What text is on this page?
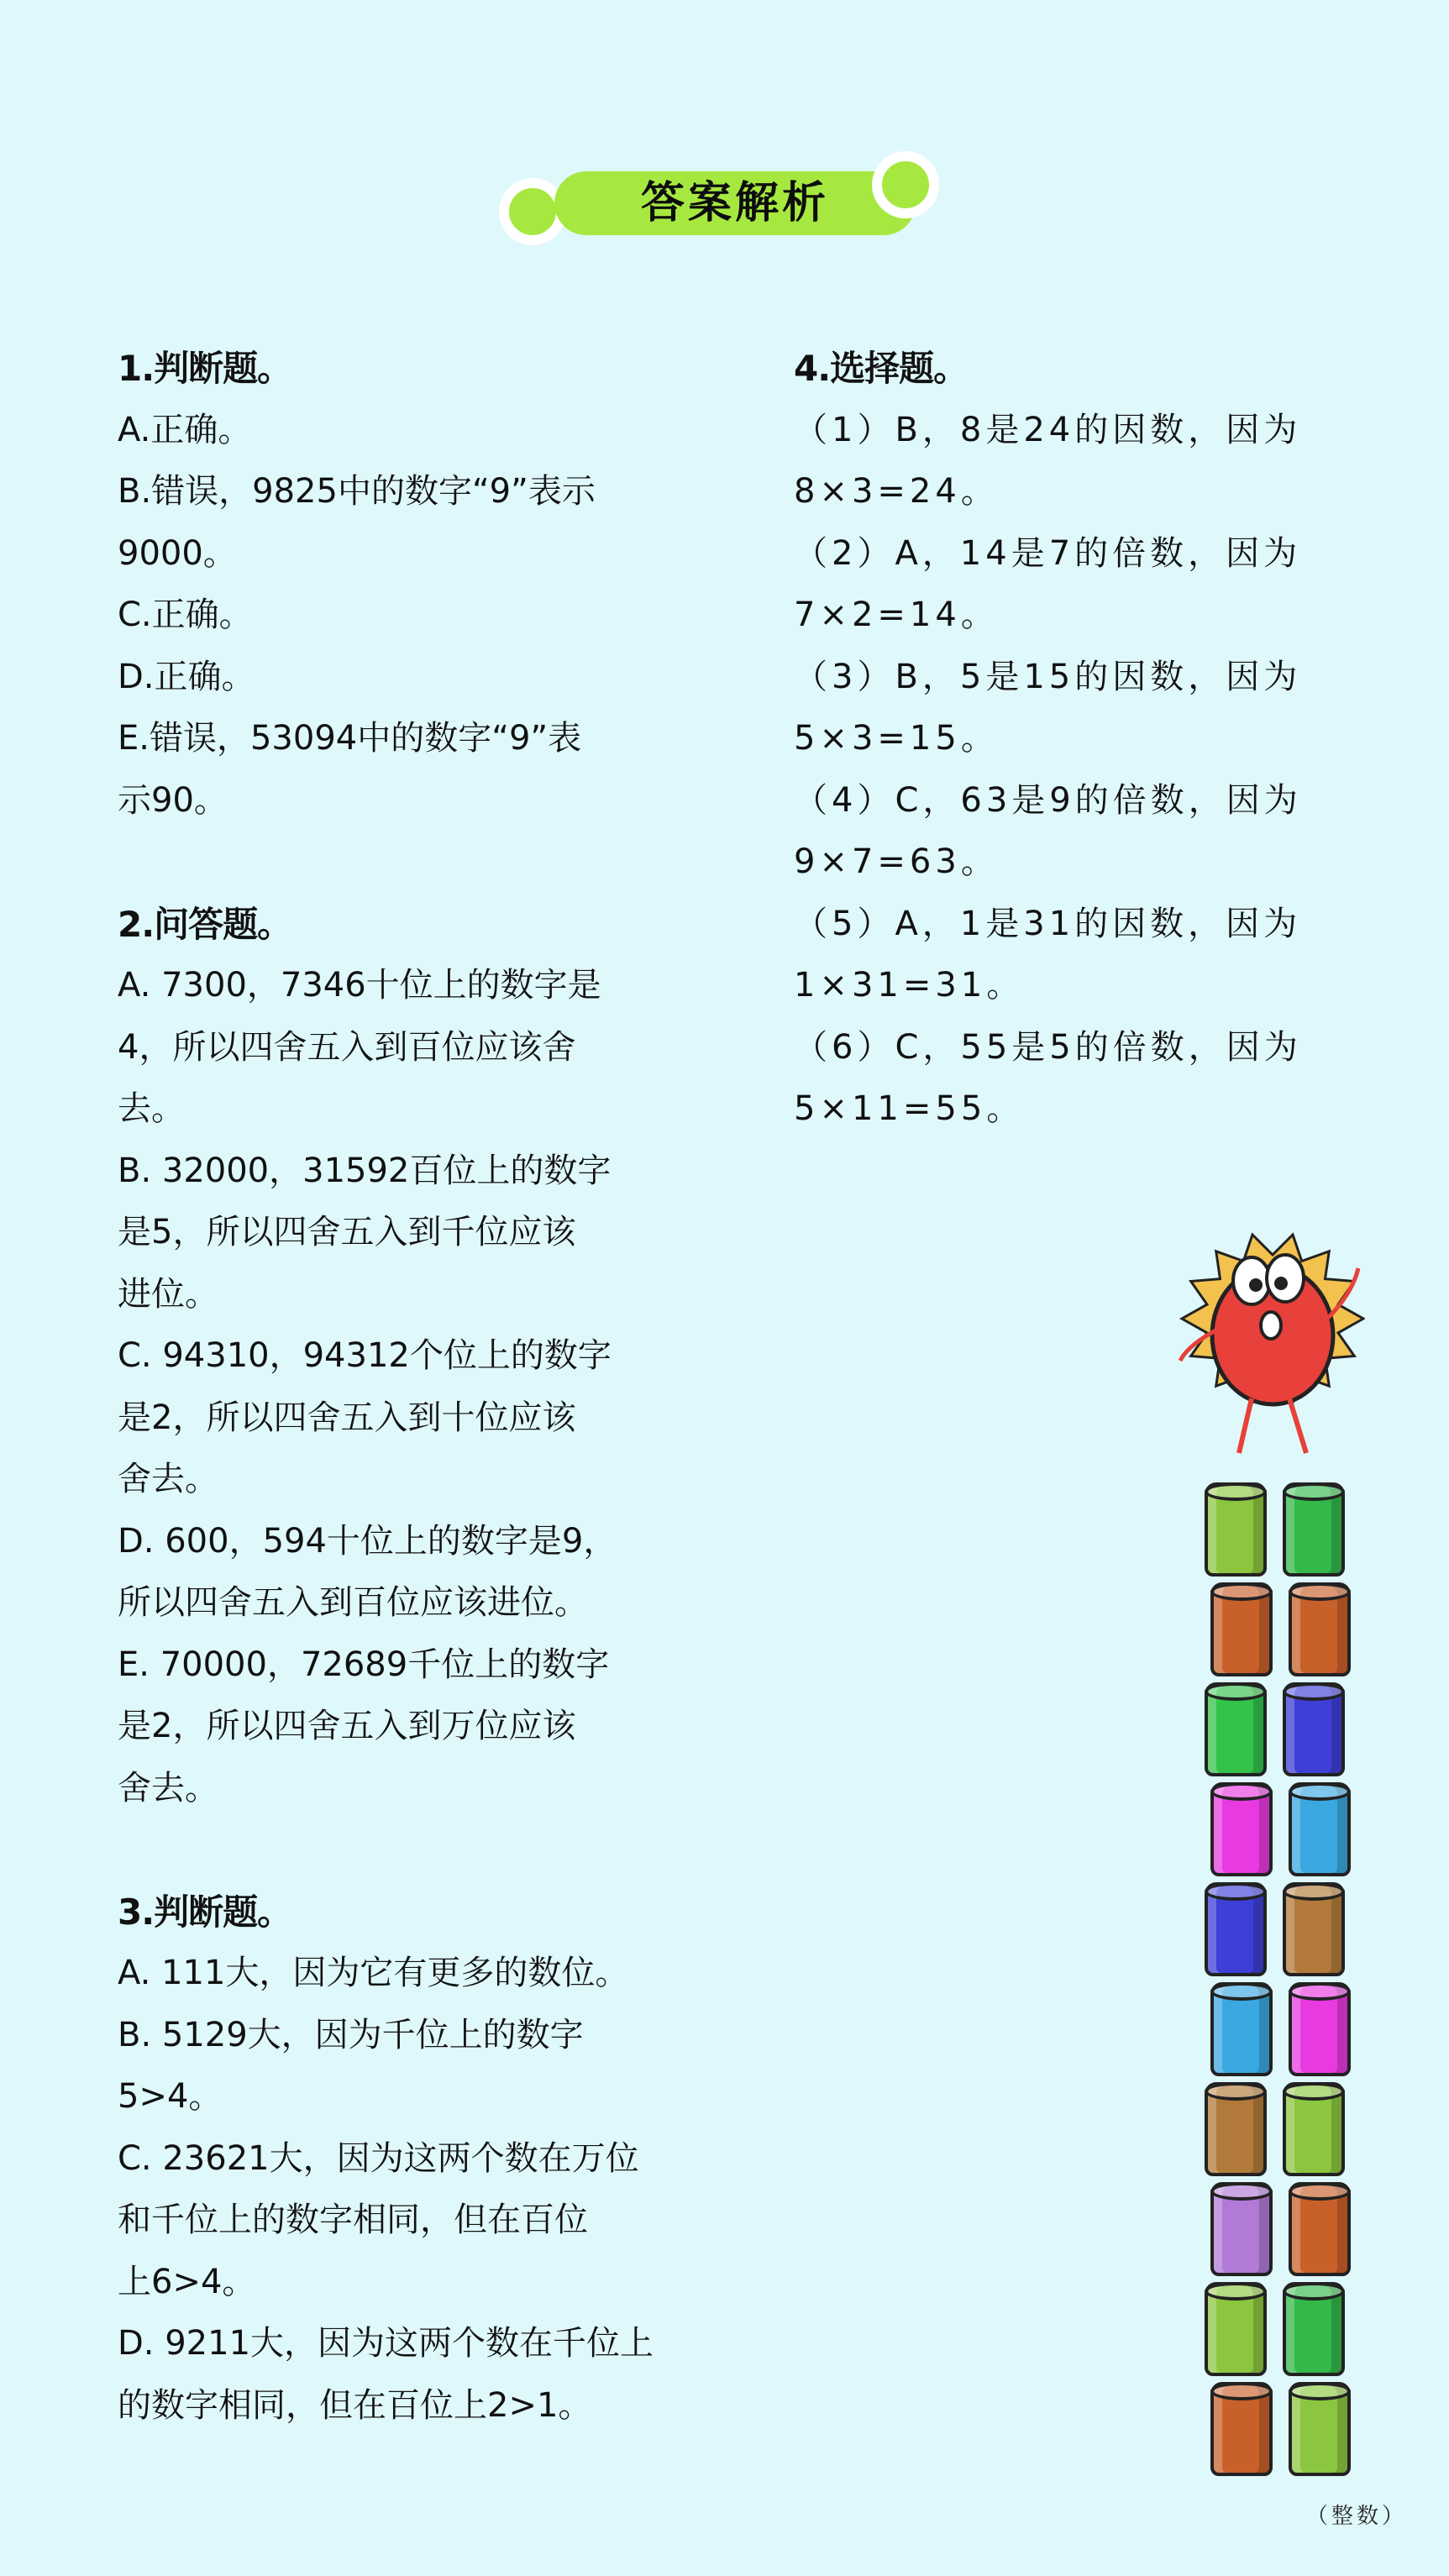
答案解析
1.判断题。
A.正确。
B.错误，9825中的数字“9”表示
9000。
C.正确。
D.正确。
E.错误，53094中的数字“9”表
示90。
2.问答题。
A. 7300，7346十位上的数字是
4，所以四舍五入到百位应该舍
去。
B. 32000，31592百位上的数字
是5，所以四舍五入到千位应该
进位。
C. 94310，94312个位上的数字
是2，所以四舍五入到十位应该
舍去。
D. 600，594十位上的数字是9，
所以四舍五入到百位应该进位。
E. 70000，72689千位上的数字
是2，所以四舍五入到万位应该
舍去。
3.判断题。
A. 111大，因为它有更多的数位。
B. 5129大，因为千位上的数字
5>4。
C. 23621大，因为这两个数在万位
和千位上的数字相同，但在百位
上6>4。
D. 9211大，因为这两个数在千位上
的数字相同，但在百位上2>1。
4.选择题。
（1）B，8是24的因数，因为
8×3=24。
（2）A，14是7的倍数，因为
7×2=14。
（3）B，5是15的因数，因为
5×3=15。
（4）C，63是9的倍数，因为
9×7=63。
（5）A，1是31的因数，因为
1×31=31。
（6）C，55是5的倍数，因为
5×11=55。
（整数）
